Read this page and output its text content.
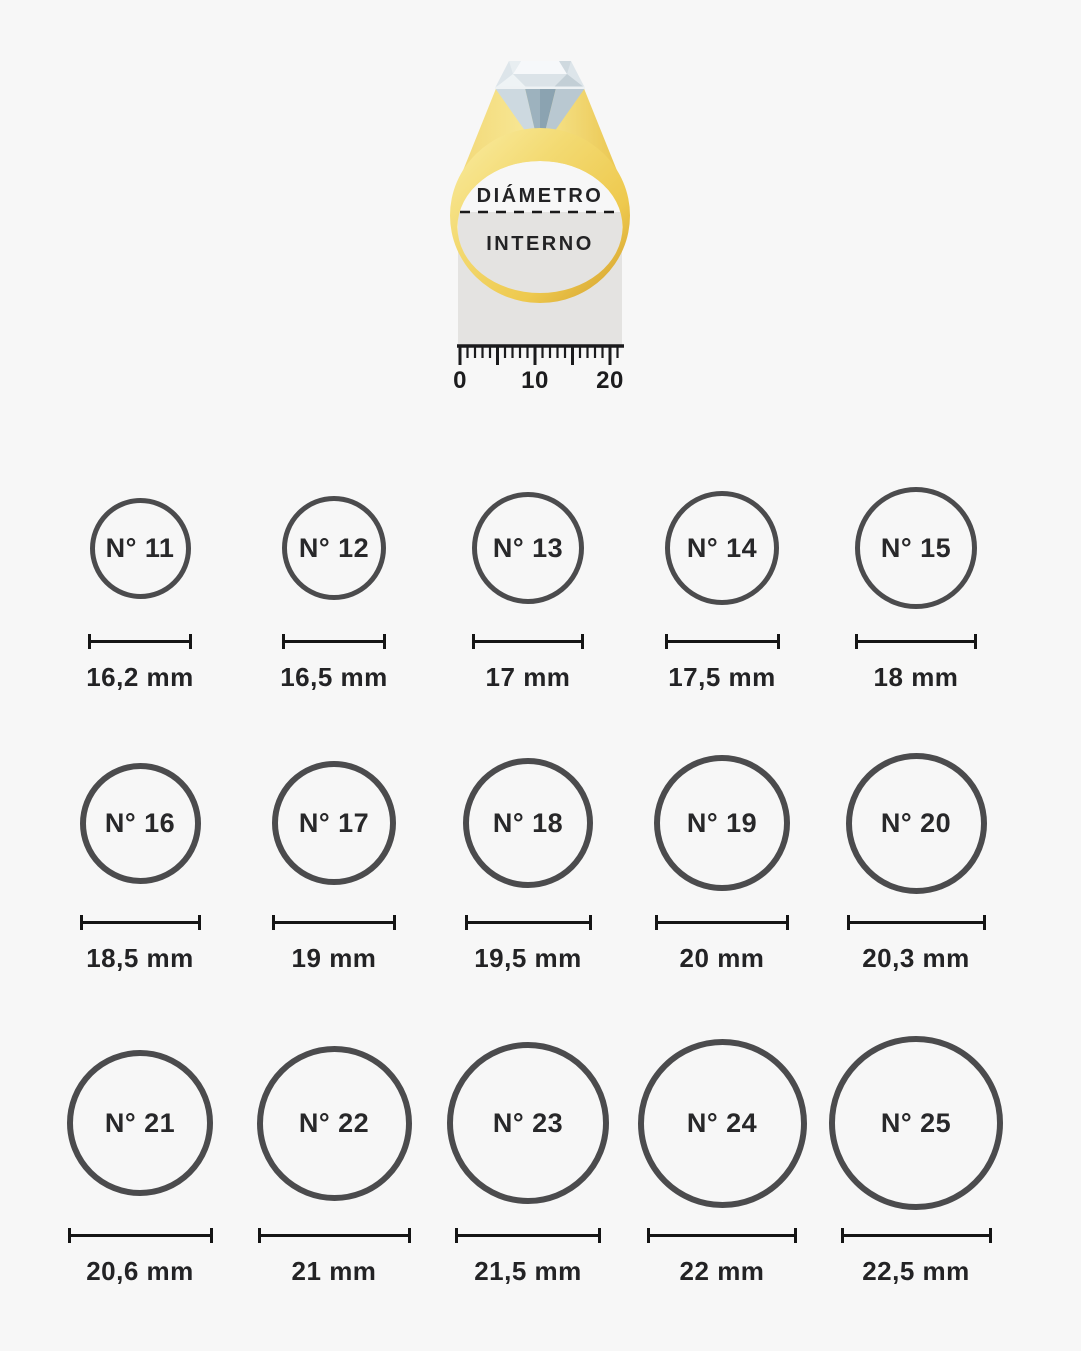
DIÁMETRO
INTERNO
0 10 20
N° 11
16,2 mm
N° 12
16,5 mm
N° 13
17 mm
N° 14
17,5 mm
N° 15
18 mm
N° 16
18,5 mm
N° 17
19 mm
N° 18
19,5 mm
N° 19
20 mm
N° 20
20,3 mm
N° 21
20,6 mm
N° 22
21 mm
N° 23
21,5 mm
N° 24
22 mm
N° 25
22,5 mm
